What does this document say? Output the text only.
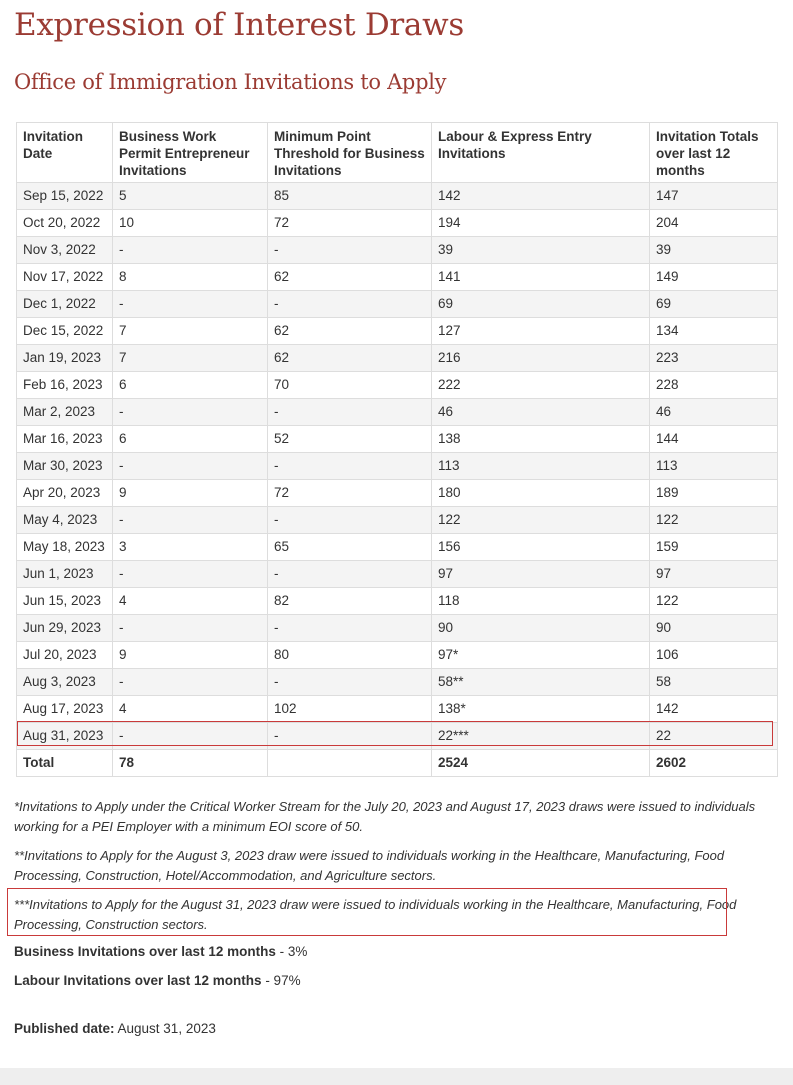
Expression of Interest Draws
Office of Immigration Invitations to Apply
Invitation Date	Business Work Permit Entrepreneur Invitations	Minimum Point Threshold for Business Invitations	Labour & Express Entry Invitations	Invitation Totals over last 12 months
Sep 15, 2022	5	85	142	147
Oct 20, 2022	10	72	194	204
Nov 3, 2022	-	-	39	39
Nov 17, 2022	8	62	141	149
Dec 1, 2022	-	-	69	69
Dec 15, 2022	7	62	127	134
Jan 19, 2023	7	62	216	223
Feb 16, 2023	6	70	222	228
Mar 2, 2023	-	-	46	46
Mar 16, 2023	6	52	138	144
Mar 30, 2023	-	-	113	113
Apr 20, 2023	9	72	180	189
May 4, 2023	-	-	122	122
May 18, 2023	3	65	156	159
Jun 1, 2023	-	-	97	97
Jun 15, 2023	4	82	118	122
Jun 29, 2023	-	-	90	90
Jul 20, 2023	9	80	97*	106
Aug 3, 2023	-	-	58**	58
Aug 17, 2023	4	102	138*	142
Aug 31, 2023	-	-	22***	22
Total	78		2524	2602

*Invitations to Apply under the Critical Worker Stream for the July 20, 2023 and August 17, 2023 draws were issued to individuals working for a PEI Employer with a minimum EOI score of 50.

**Invitations to Apply for the August 3, 2023 draw were issued to individuals working in the Healthcare, Manufacturing, Food Processing, Construction, Hotel/Accommodation, and Agriculture sectors.

***Invitations to Apply for the August 31, 2023 draw were issued to individuals working in the Healthcare, Manufacturing, Food Processing, Construction sectors.

Business Invitations over last 12 months - 3%

Labour Invitations over last 12 months - 97%

Published date: August 31, 2023
